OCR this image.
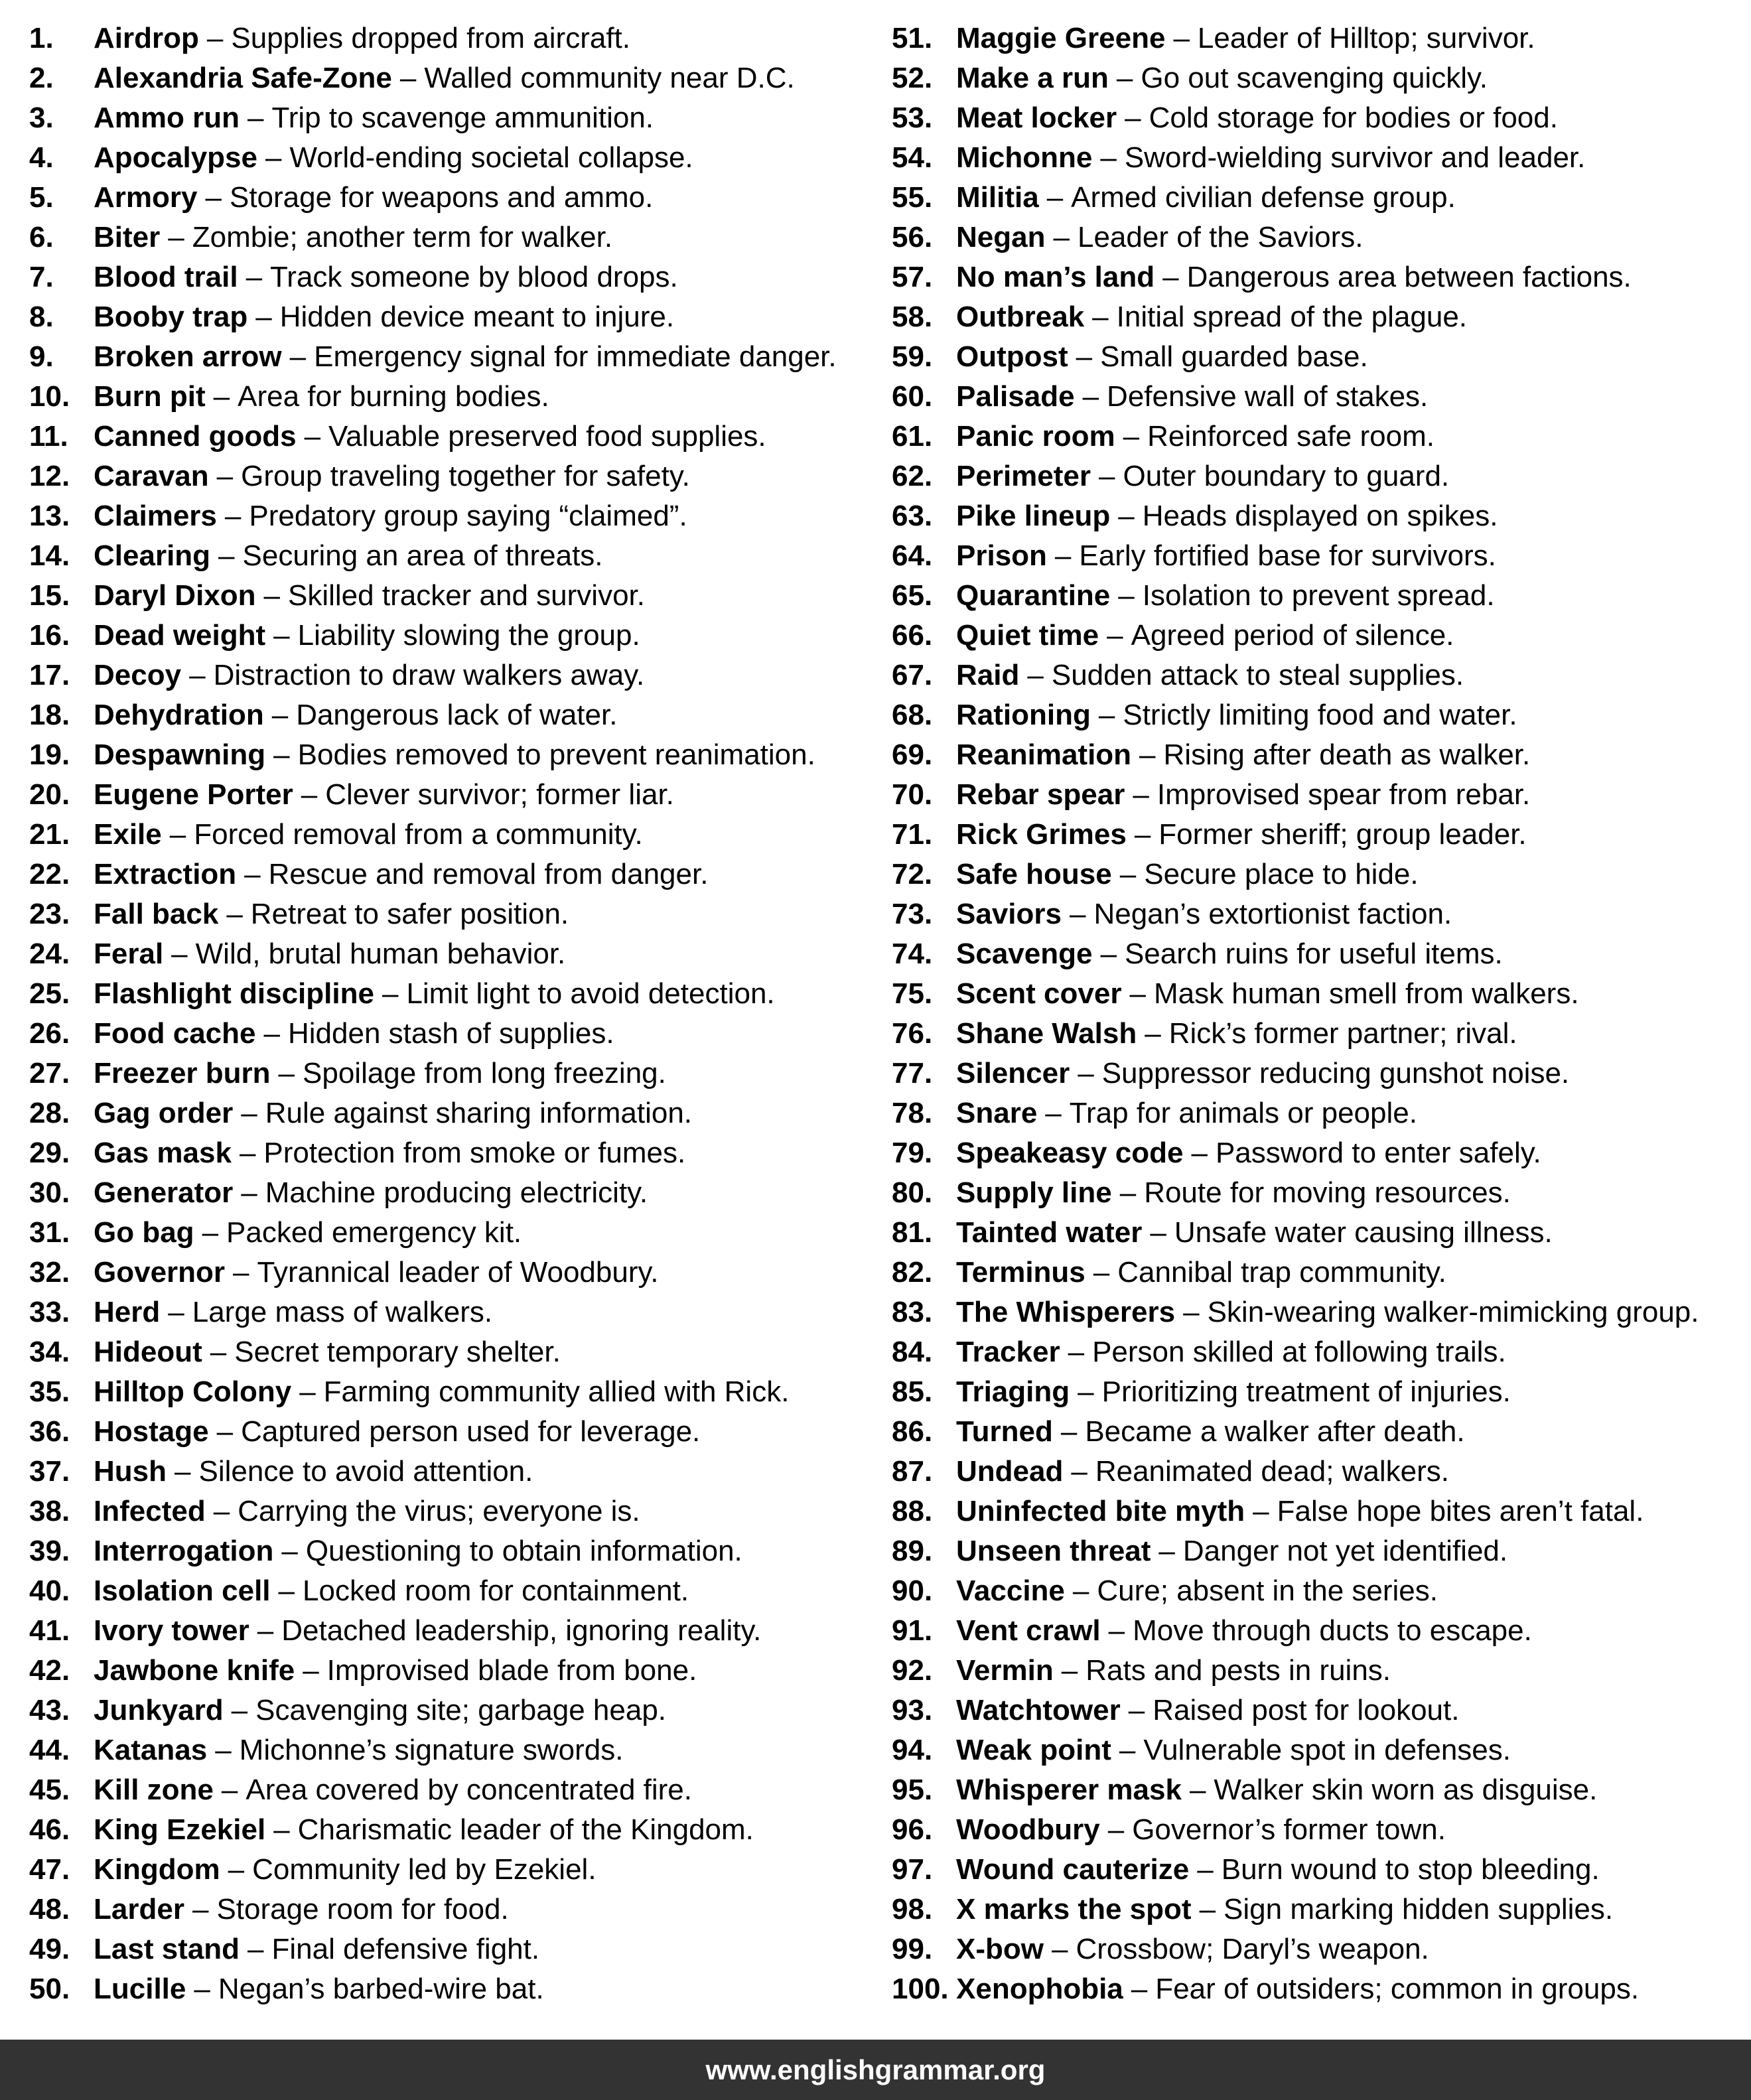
1.	Airdrop – Supplies dropped from aircraft.
2.	Alexandria Safe-Zone – Walled community near D.C.
3.	Ammo run – Trip to scavenge ammunition.
4.	Apocalypse – World-ending societal collapse.
5.	Armory – Storage for weapons and ammo.
6.	Biter – Zombie; another term for walker.
7.	Blood trail – Track someone by blood drops.
8.	Booby trap – Hidden device meant to injure.
9.	Broken arrow – Emergency signal for immediate danger.
10. Burn pit – Area for burning bodies.
11. Canned goods – Valuable preserved food supplies.
12. Caravan – Group traveling together for safety.
13. Claimers – Predatory group saying “claimed”.
14. Clearing – Securing an area of threats.
15. Daryl Dixon – Skilled tracker and survivor.
16. Dead weight – Liability slowing the group.
17. Decoy – Distraction to draw walkers away.
18. Dehydration – Dangerous lack of water.
19. Despawning – Bodies removed to prevent reanimation.
20. Eugene Porter – Clever survivor; former liar.
21. Exile – Forced removal from a community.
22. Extraction – Rescue and removal from danger.
23. Fall back – Retreat to safer position.
24. Feral – Wild, brutal human behavior.
25. Flashlight discipline – Limit light to avoid detection.
26. Food cache – Hidden stash of supplies.
27. Freezer burn – Spoilage from long freezing.
28. Gag order – Rule against sharing information.
29. Gas mask – Protection from smoke or fumes.
30. Generator – Machine producing electricity.
31. Go bag – Packed emergency kit.
32. Governor – Tyrannical leader of Woodbury.
33. Herd – Large mass of walkers.
34. Hideout – Secret temporary shelter.
35. Hilltop Colony – Farming community allied with Rick.
36. Hostage – Captured person used for leverage.
37. Hush – Silence to avoid attention.
38. Infected – Carrying the virus; everyone is.
39. Interrogation – Questioning to obtain information.
40. Isolation cell – Locked room for containment.
41. Ivory tower – Detached leadership, ignoring reality.
42. Jawbone knife – Improvised blade from bone.
43. Junkyard – Scavenging site; garbage heap.
44. Katanas – Michonne’s signature swords.
45. Kill zone – Area covered by concentrated fire.
46. King Ezekiel – Charismatic leader of the Kingdom.
47. Kingdom – Community led by Ezekiel.
48. Larder – Storage room for food.
49. Last stand – Final defensive fight.
50. Lucille – Negan’s barbed-wire bat.
51. Maggie Greene – Leader of Hilltop; survivor.
52. Make a run – Go out scavenging quickly.
53. Meat locker – Cold storage for bodies or food.
54. Michonne – Sword-wielding survivor and leader.
55. Militia – Armed civilian defense group.
56. Negan – Leader of the Saviors.
57. No man’s land – Dangerous area between factions.
58. Outbreak – Initial spread of the plague.
59. Outpost – Small guarded base.
60. Palisade – Defensive wall of stakes.
61. Panic room – Reinforced safe room.
62. Perimeter – Outer boundary to guard.
63. Pike lineup – Heads displayed on spikes.
64. Prison – Early fortified base for survivors.
65. Quarantine – Isolation to prevent spread.
66. Quiet time – Agreed period of silence.
67. Raid – Sudden attack to steal supplies.
68. Rationing – Strictly limiting food and water.
69. Reanimation – Rising after death as walker.
70. Rebar spear – Improvised spear from rebar.
71. Rick Grimes – Former sheriff; group leader.
72. Safe house – Secure place to hide.
73. Saviors – Negan’s extortionist faction.
74. Scavenge – Search ruins for useful items.
75. Scent cover – Mask human smell from walkers.
76. Shane Walsh – Rick’s former partner; rival.
77. Silencer – Suppressor reducing gunshot noise.
78. Snare – Trap for animals or people.
79. Speakeasy code – Password to enter safely.
80. Supply line – Route for moving resources.
81. Tainted water – Unsafe water causing illness.
82. Terminus – Cannibal trap community.
83. The Whisperers – Skin-wearing walker-mimicking group.
84. Tracker – Person skilled at following trails.
85. Triaging – Prioritizing treatment of injuries.
86. Turned – Became a walker after death.
87. Undead – Reanimated dead; walkers.
88. Uninfected bite myth – False hope bites aren’t fatal.
89. Unseen threat – Danger not yet identified.
90. Vaccine – Cure; absent in the series.
91. Vent crawl – Move through ducts to escape.
92. Vermin – Rats and pests in ruins.
93. Watchtower – Raised post for lookout.
94. Weak point – Vulnerable spot in defenses.
95. Whisperer mask – Walker skin worn as disguise.
96. Woodbury – Governor’s former town.
97. Wound cauterize – Burn wound to stop bleeding.
98. X marks the spot – Sign marking hidden supplies.
99. X-bow – Crossbow; Daryl’s weapon.
100. Xenophobia – Fear of outsiders; common in groups.
www.englishgrammar.org
